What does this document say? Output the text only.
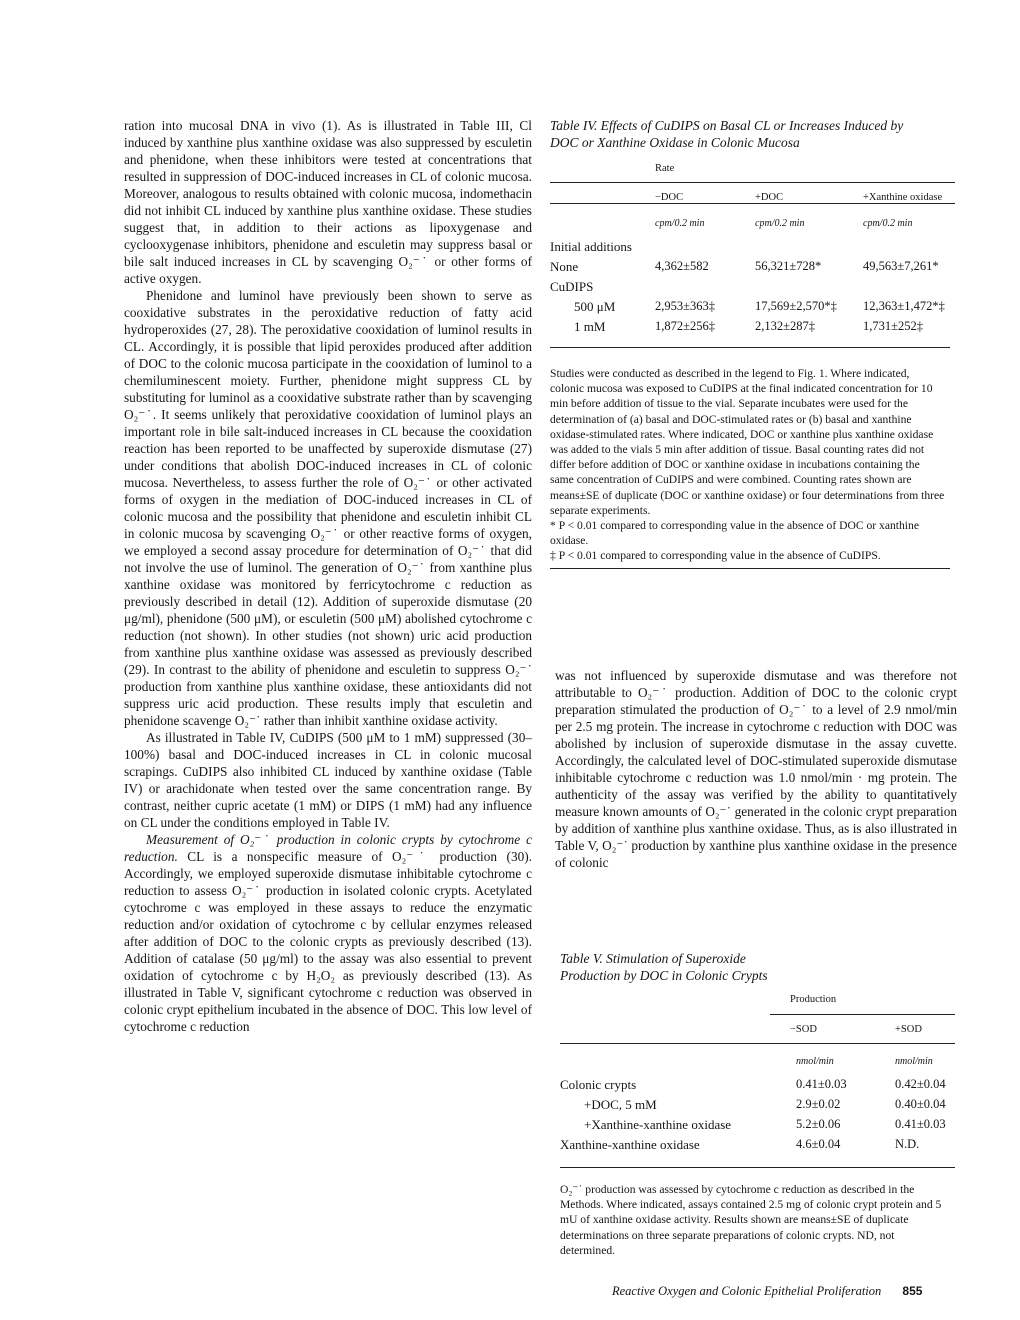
ration into mucosal DNA in vivo (1). As is illustrated in Table III, Cl induced by xanthine plus xanthine oxidase was also suppressed by esculetin and phenidone, when these inhibitors were tested at concentrations that resulted in suppression of DOC-induced increases in CL of colonic mucosa. Moreover, analogous to results obtained with colonic mucosa, indomethacin did not inhibit CL induced by xanthine plus xanthine oxidase. These studies suggest that, in addition to their actions as lipoxygenase and cyclooxygenase inhibitors, phenidone and esculetin may suppress basal or bile salt induced increases in CL by scavenging O₂⁻˙ or other forms of active oxygen.

Phenidone and luminol have previously been shown to serve as cooxidative substrates in the peroxidative reduction of fatty acid hydroperoxides (27, 28). The peroxidative cooxidation of luminol results in CL. Accordingly, it is possible that lipid peroxides produced after addition of DOC to the colonic mucosa participate in the cooxidation of luminol to a chemiluminescent moiety. Further, phenidone might suppress CL by substituting for luminol as a cooxidative substrate rather than by scavenging O₂⁻˙. It seems unlikely that peroxidative cooxidation of luminol plays an important role in bile salt-induced increases in CL because the cooxidation reaction has been reported to be unaffected by superoxide dismutase (27) under conditions that abolish DOC-induced increases in CL of colonic mucosa. Nevertheless, to assess further the role of O₂⁻˙ or other activated forms of oxygen in the mediation of DOC-induced increases in CL of colonic mucosa and the possibility that phenidone and esculetin inhibit CL in colonic mucosa by scavenging O₂⁻˙ or other reactive forms of oxygen, we employed a second assay procedure for determination of O₂⁻˙ that did not involve the use of luminol. The generation of O₂⁻˙ from xanthine plus xanthine oxidase was monitored by ferricytochrome c reduction as previously described in detail (12). Addition of superoxide dismutase (20 μg/ml), phenidone (500 μM), or esculetin (500 μM) abolished cytochrome c reduction (not shown). In other studies (not shown) uric acid production from xanthine plus xanthine oxidase was assessed as previously described (29). In contrast to the ability of phenidone and esculetin to suppress O₂⁻˙ production from xanthine plus xanthine oxidase, these antioxidants did not suppress uric acid production. These results imply that esculetin and phenidone scavenge O₂⁻˙ rather than inhibit xanthine oxidase activity.

As illustrated in Table IV, CuDIPS (500 μM to 1 mM) suppressed (30–100%) basal and DOC-induced increases in CL in colonic mucosal scrapings. CuDIPS also inhibited CL induced by xanthine oxidase (Table IV) or arachidonate when tested over the same concentration range. By contrast, neither cupric acetate (1 mM) or DIPS (1 mM) had any influence on CL under the conditions employed in Table IV.

Measurement of O₂⁻˙ production in colonic crypts by cytochrome c reduction. CL is a nonspecific measure of O₂⁻˙ production (30). Accordingly, we employed superoxide dismutase inhibitable cytochrome c reduction to assess O₂⁻˙ production in isolated colonic crypts. Acetylated cytochrome c was employed in these assays to reduce the enzymatic reduction and/or oxidation of cytochrome c by cellular enzymes released after addition of DOC to the colonic crypts as previously described (13). Addition of catalase (50 μg/ml) to the assay was also essential to prevent oxidation of cytochrome c by H₂O₂ as previously described (13). As illustrated in Table V, significant cytochrome c reduction was observed in colonic crypt epithelium incubated in the absence of DOC. This low level of cytochrome c reduction

Table IV. Effects of CuDIPS on Basal CL or Increases Induced by DOC or Xanthine Oxidase in Colonic Mucosa

	Rate		
	−DOC	+DOC	+Xanthine oxidase
	cpm/0.2 min	cpm/0.2 min	cpm/0.2 min
Initial additions			
None	4,362±582	56,321±728*	49,563±7,261*
CuDIPS			
500 μM	2,953±363‡	17,569±2,570*‡	12,363±1,472*‡
1 mM	1,872±256‡	2,132±287‡	1,731±252‡

Studies were conducted as described in the legend to Fig. 1. Where indicated, colonic mucosa was exposed to CuDIPS at the final indicated concentration for 10 min before addition of tissue to the vial. Separate incubates were used for the determination of (a) basal and DOC-stimulated rates or (b) basal and xanthine oxidase-stimulated rates. Where indicated, DOC or xanthine plus xanthine oxidase was added to the vials 5 min after addition of tissue. Basal counting rates did not differ before addition of DOC or xanthine oxidase in incubations containing the same concentration of CuDIPS and were combined. Counting rates shown are means±SE of duplicate (DOC or xanthine oxidase) or four determinations from three separate experiments.

* P < 0.01 compared to corresponding value in the absence of DOC or xanthine oxidase.

‡ P < 0.01 compared to corresponding value in the absence of CuDIPS.

was not influenced by superoxide dismutase and was therefore not attributable to O₂⁻˙ production. Addition of DOC to the colonic crypt preparation stimulated the production of O₂⁻˙ to a level of 2.9 nmol/min per 2.5 mg protein. The increase in cytochrome c reduction with DOC was abolished by inclusion of superoxide dismutase in the assay cuvette. Accordingly, the calculated level of DOC-stimulated superoxide dismutase inhibitable cytochrome c reduction was 1.0 nmol/min · mg protein. The authenticity of the assay was verified by the ability to quantitatively measure known amounts of O₂⁻˙ generated in the colonic crypt preparation by addition of xanthine plus xanthine oxidase. Thus, as is also illustrated in Table V, O₂⁻˙ production by xanthine plus xanthine oxidase in the presence of colonic

Table V. Stimulation of Superoxide Production by DOC in Colonic Crypts

	Production	
	−SOD	+SOD
	nmol/min	nmol/min
Colonic crypts	0.41±0.03	0.42±0.04
+DOC, 5 mM	2.9±0.02	0.40±0.04
+Xanthine-xanthine oxidase	5.2±0.06	0.41±0.03
Xanthine-xanthine oxidase	4.6±0.04	N.D.

O₂⁻˙ production was assessed by cytochrome c reduction as described in the Methods. Where indicated, assays contained 2.5 mg of colonic crypt protein and 5 mU of xanthine oxidase activity. Results shown are means±SE of duplicate determinations on three separate preparations of colonic crypts. ND, not determined.

Reactive Oxygen and Colonic Epithelial Proliferation 855
